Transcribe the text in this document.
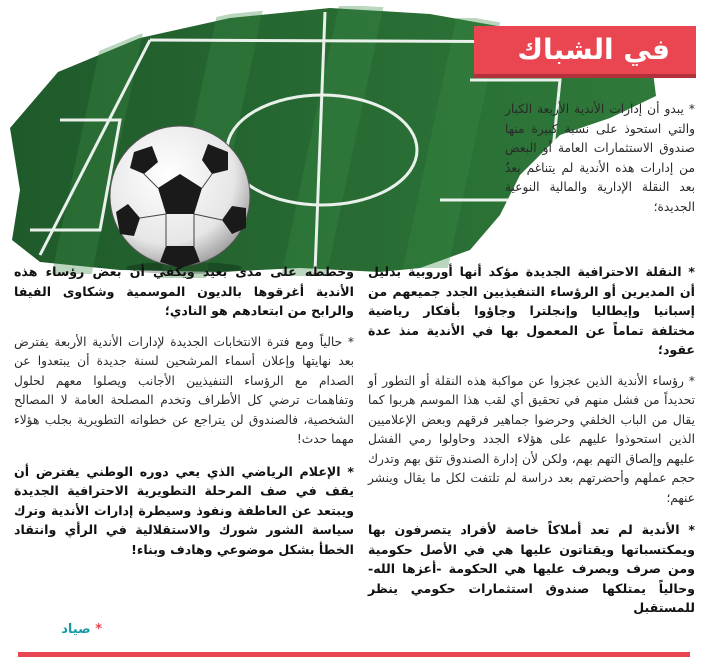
في الشباك

* يبدو أن إدارات الأندية الأربعة الكبار والتي استحوذ على نسبة كبيرة منها صندوق الاستثمارات العامة أو البعض من إدارات هذه الأندية لم يتناغم بعدُ بعد النقلة الإدارية والمالية النوعية الجديدة؛

* النقلة الاحترافية الجديدة مؤكد أنها أوروبية بدليل أن المديرين أو الرؤساء التنفيذيين الجدد جميعهم من إسبانيا وإيطاليا وإنجلترا وجاؤوا بأفكار رياضية مختلفة تماماً عن المعمول بها في الأندية منذ عدة عقود؛

* رؤساء الأندية الذين عجزوا عن مواكبة هذه النقلة أو التطور أو تحديداً من فشل منهم في تحقيق أي لقب هذا الموسم هربوا كما يقال من الباب الخلفي وحرضوا جماهير فرقهم وبعض الإعلاميين الذين استحوذوا عليهم على هؤلاء الجدد وحاولوا رمي الفشل عليهم وإلصاق التهم بهم، ولكن لأن إدارة الصندوق تثق بهم وتدرك حجم عملهم وأحضرتهم بعد دراسة لم تلتفت لكل ما يقال وينشر عنهم؛

* الأندية لم تعد أملاكاً خاصة لأفراد يتصرفون بها ويمكتسباتها ويقتاتون عليها هي في الأصل حكومية ومن صرف ويصرف عليها هي الحكومة -أعزها الله- وحالياً يمتلكها صندوق استثمارات حكومي ينظر للمستقبل

وخططه على مدى بعيد ويكفي أن بعض رؤساء هذه الأندية أغرقوها بالديون الموسمية وشكاوى الفيفا والرابح من ابتعادهم هو النادي؛

* حالياً ومع فترة الانتخابات الجديدة لإدارات الأندية الأربعة يفترض بعد نهايتها وإعلان أسماء المرشحين لسنة جديدة أن يبتعدوا عن الصدام مع الرؤساء التنفيذيين الأجانب ويصلوا معهم لحلول وتفاهمات ترضي كل الأطراف وتخدم المصلحة العامة لا المصالح الشخصية، فالصندوق لن يتراجع عن خطواته التطويرية بجلب هؤلاء مهما حدث!

* الإعلام الرياضي الذي يعي دوره الوطني يفترض أن يقف في صف المرحلة التطويرية الاحترافية الجديدة ويبتعد عن العاطفة ونفوذ وسيطرة إدارات الأندية وترك سياسة الشور شورك والاستقلالية في الرأي وانتقاد الخطأ بشكل موضوعي وهادف وبناء!

* صياد
